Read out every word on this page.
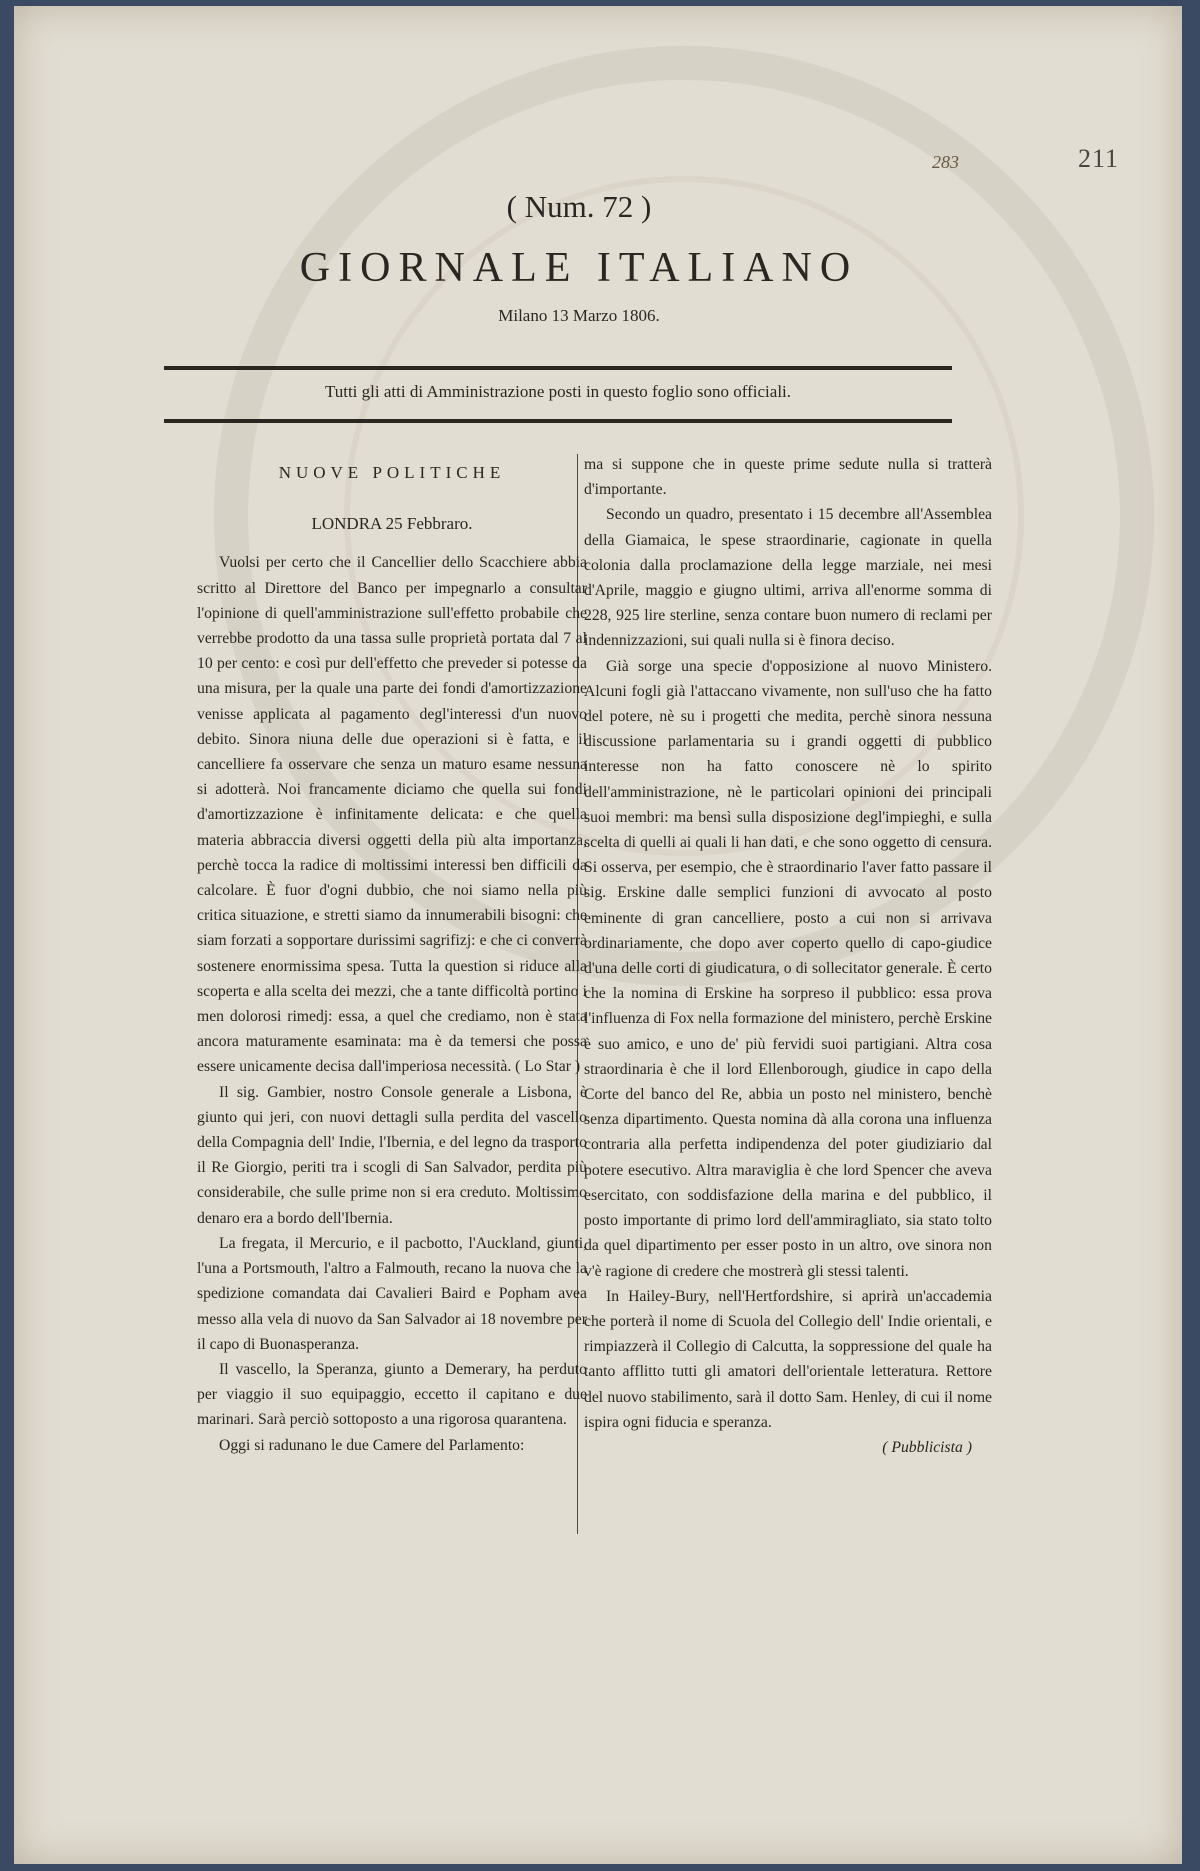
283	211
( Num. 72 )
GIORNALE ITALIANO
Milano 13 Marzo 1806.
Tutti gli atti di Amministrazione posti in questo foglio sono officiali.
NUOVE POLITICHE
LONDRA 25 Febbraro.

Vuolsi per certo che il Cancellier dello Scacchiere abbia scritto al Direttore del Banco per impegnarlo a consultar l'opinione di quell'amministrazione sull'effetto probabile che verrebbe prodotto da una tassa sulle proprietà portata dal 7 al 10 per cento: e così pur dell'effetto che preveder si potesse da una misura, per la quale una parte dei fondi d'amortizzazione venisse applicata al pagamento degl'interessi d'un nuovo debito. Sinora niuna delle due operazioni si è fatta, e il cancelliere fa osservare che senza un maturo esame nessuna si adotterà. Noi francamente diciamo che quella sui fondi d'amortizzazione è infinitamente delicata: e che quella materia abbraccia diversi oggetti della più alta importanza, perchè tocca la radice di moltissimi interessi ben difficili da calcolare. È fuor d'ogni dubbio, che noi siamo nella più critica situazione, e stretti siamo da innumerabili bisogni: che siam forzati a sopportare durissimi sagrifizj: e che ci converrà sostenere enormissima spesa. Tutta la question si riduce alla scoperta e alla scelta dei mezzi, che a tante difficoltà portino i men dolorosi rimedj: essa, a quel che crediamo, non è stata ancora maturamente esaminata: ma è da temersi che possa essere unicamente decisa dall'imperiosa necessità. ( Lo Star )

Il sig. Gambier, nostro Console generale a Lisbona, è giunto qui jeri, con nuovi dettagli sulla perdita del vascello della Compagnia dell' Indie, l'Ibernia, e del legno da trasporto il Re Giorgio, periti tra i scogli di San Salvador, perdita più considerabile, che sulle prime non si era creduto. Moltissimo denaro era a bordo dell'Ibernia.

La fregata, il Mercurio, e il pacbotto, l'Auckland, giunti, l'una a Portsmouth, l'altro a Falmouth, recano la nuova che la spedizione comandata dai Cavalieri Baird e Popham avea messo alla vela di nuovo da San Salvador ai 18 novembre per il capo di Buonasperanza.

Il vascello, la Speranza, giunto a Demerary, ha perduto per viaggio il suo equipaggio, eccetto il capitano e due marinari. Sarà perciò sottoposto a una rigorosa quarantena.

Oggi si radunano le due Camere del Parlamento:

ma si suppone che in queste prime sedute nulla si tratterà d'importante.

Secondo un quadro, presentato i 15 decembre all'Assemblea della Giamaica, le spese straordinarie, cagionate in quella colonia dalla proclamazione della legge marziale, nei mesi d'Aprile, maggio e giugno ultimi, arriva all'enorme somma di 228, 925 lire sterline, senza contare buon numero di reclami per indennizzazioni, sui quali nulla si è finora deciso.

Già sorge una specie d'opposizione al nuovo Ministero. Alcuni fogli già l'attaccano vivamente, non sull'uso che ha fatto del potere, nè su i progetti che medita, perchè sinora nessuna discussione parlamentaria su i grandi oggetti di pubblico interesse non ha fatto conoscere nè lo spirito dell'amministrazione, nè le particolari opinioni dei principali suoi membri: ma bensì sulla disposizione degl'impieghi, e sulla scelta di quelli ai quali li han dati, e che sono oggetto di censura. Si osserva, per esempio, che è straordinario l'aver fatto passare il sig. Erskine dalle semplici funzioni di avvocato al posto eminente di gran cancelliere, posto a cui non si arrivava ordinariamente, che dopo aver coperto quello di capo-giudice d'una delle corti di giudicatura, o di sollecitator generale. È certo che la nomina di Erskine ha sorpreso il pubblico: essa prova l'influenza di Fox nella formazione del ministero, perchè Erskine è suo amico, e uno de' più fervidi suoi partigiani. Altra cosa straordinaria è che il lord Ellenborough, giudice in capo della Corte del banco del Re, abbia un posto nel ministero, benchè senza dipartimento. Questa nomina dà alla corona una influenza contraria alla perfetta indipendenza del poter giudiziario dal potere esecutivo. Altra maraviglia è che lord Spencer che aveva esercitato, con soddisfazione della marina e del pubblico, il posto importante di primo lord dell'ammiragliato, sia stato tolto da quel dipartimento per esser posto in un altro, ove sinora non v'è ragione di credere che mostrerà gli stessi talenti.

In Hailey-Bury, nell'Hertfordshire, si aprirà un'accademia che porterà il nome di Scuola del Collegio dell' Indie orientali, e rimpiazzerà il Collegio di Calcutta, la soppressione del quale ha tanto afflitto tutti gli amatori dell'orientale letteratura. Rettore del nuovo stabilimento, sarà il dotto Sam. Henley, di cui il nome ispira ogni fiducia e speranza.

( Pubblicista )
